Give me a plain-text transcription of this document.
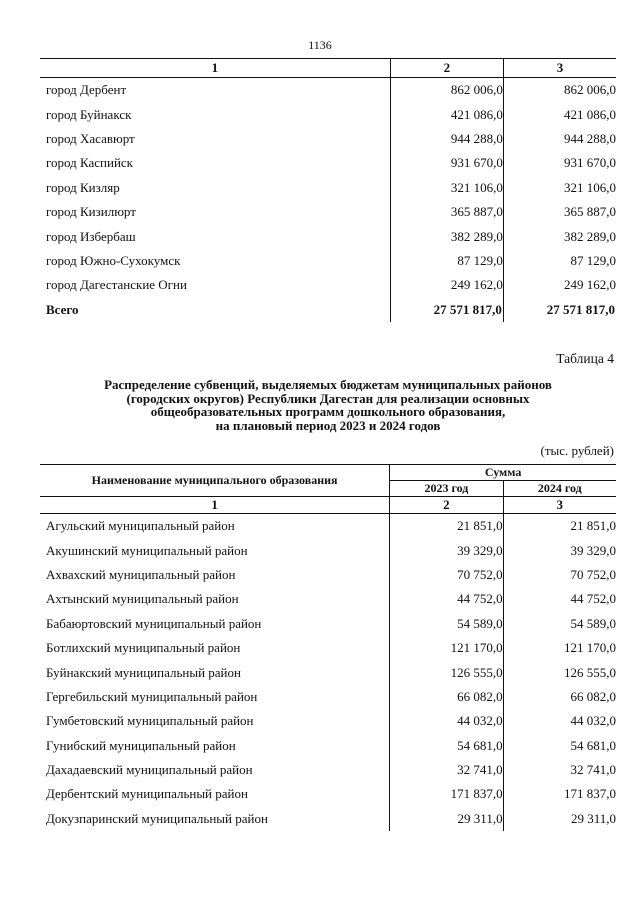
1136
1	2	3
город Дербент	862 006,0	862 006,0
город Буйнакск	421 086,0	421 086,0
город Хасавюрт	944 288,0	944 288,0
город Каспийск	931 670,0	931 670,0
город Кизляр	321 106,0	321 106,0
город Кизилюрт	365 887,0	365 887,0
город Избербаш	382 289,0	382 289,0
город Южно-Сухокумск	87 129,0	87 129,0
город Дагестанские Огни	249 162,0	249 162,0
Всего	27 571 817,0	27 571 817,0
Таблица 4
Распределение субвенций, выделяемых бюджетам муниципальных районов
(городских округов) Республики Дагестан для реализации основных
общеобразовательных программ дошкольного образования,
на плановый период 2023 и 2024 годов
(тыс. рублей)
Наименование муниципального образования	Сумма	
	2023 год	2024 год
1	2	3
Агульский муниципальный район	21 851,0	21 851,0
Акушинский муниципальный район	39 329,0	39 329,0
Ахвахский муниципальный район	70 752,0	70 752,0
Ахтынский муниципальный район	44 752,0	44 752,0
Бабаюртовский муниципальный район	54 589,0	54 589,0
Ботлихский муниципальный район	121 170,0	121 170,0
Буйнакский муниципальный район	126 555,0	126 555,0
Гергебильский муниципальный район	66 082,0	66 082,0
Гумбетовский муниципальный район	44 032,0	44 032,0
Гунибский муниципальный район	54 681,0	54 681,0
Дахадаевский муниципальный район	32 741,0	32 741,0
Дербентский муниципальный район	171 837,0	171 837,0
Докузпаринский муниципальный район	29 311,0	29 311,0
